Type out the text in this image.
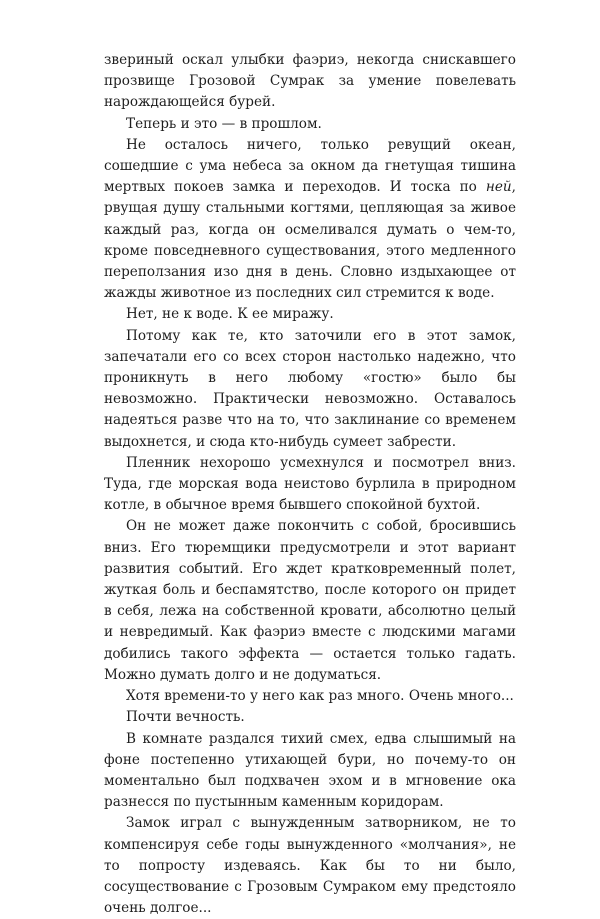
звериный оскал улыбки фаэриэ, некогда снискавшего прозвище Грозовой Сумрак за умение повелевать нарождающейся бурей.

Теперь и это — в прошлом.

Не осталось ничего, только ревущий океан, сошедшие с ума небеса за окном да гнетущая тишина мертвых покоев замка и переходов. И тоска по ней, рвущая душу стальными когтями, цепляющая за живое каждый раз, когда он осмеливался думать о чем-то, кроме повседневного существования, этого медленного переползания изо дня в день. Словно издыхающее от жажды животное из последних сил стремится к воде.

Нет, не к воде. К ее миражу.

Потому как те, кто заточили его в этот замок, запечатали его со всех сторон настолько надежно, что проникнуть в него любому «гостю» было бы невозможно. Практически невозможно. Оставалось надеяться разве что на то, что заклинание со временем выдохнется, и сюда кто-нибудь сумеет забрести.

Пленник нехорошо усмехнулся и посмотрел вниз. Туда, где морская вода неистово бурлила в природном котле, в обычное время бывшего спокойной бухтой.

Он не может даже покончить с собой, бросившись вниз. Его тюремщики предусмотрели и этот вариант развития событий. Его ждет кратковременный полет, жуткая боль и беспамятство, после которого он придет в себя, лежа на собственной кровати, абсолютно целый и невредимый. Как фаэриэ вместе с людскими магами добились такого эффекта — остается только гадать. Можно думать долго и не додуматься.

Хотя времени-то у него как раз много. Очень много...

Почти вечность.

В комнате раздался тихий смех, едва слышимый на фоне постепенно утихающей бури, но почему-то он моментально был подхвачен эхом и в мгновение ока разнесся по пустынным каменным коридорам.

Замок играл с вынужденным затворником, не то компенсируя себе годы вынужденного «молчания», не то попросту издеваясь. Как бы то ни было, сосуществование с Грозовым Сумраком ему предстояло очень долгое...
